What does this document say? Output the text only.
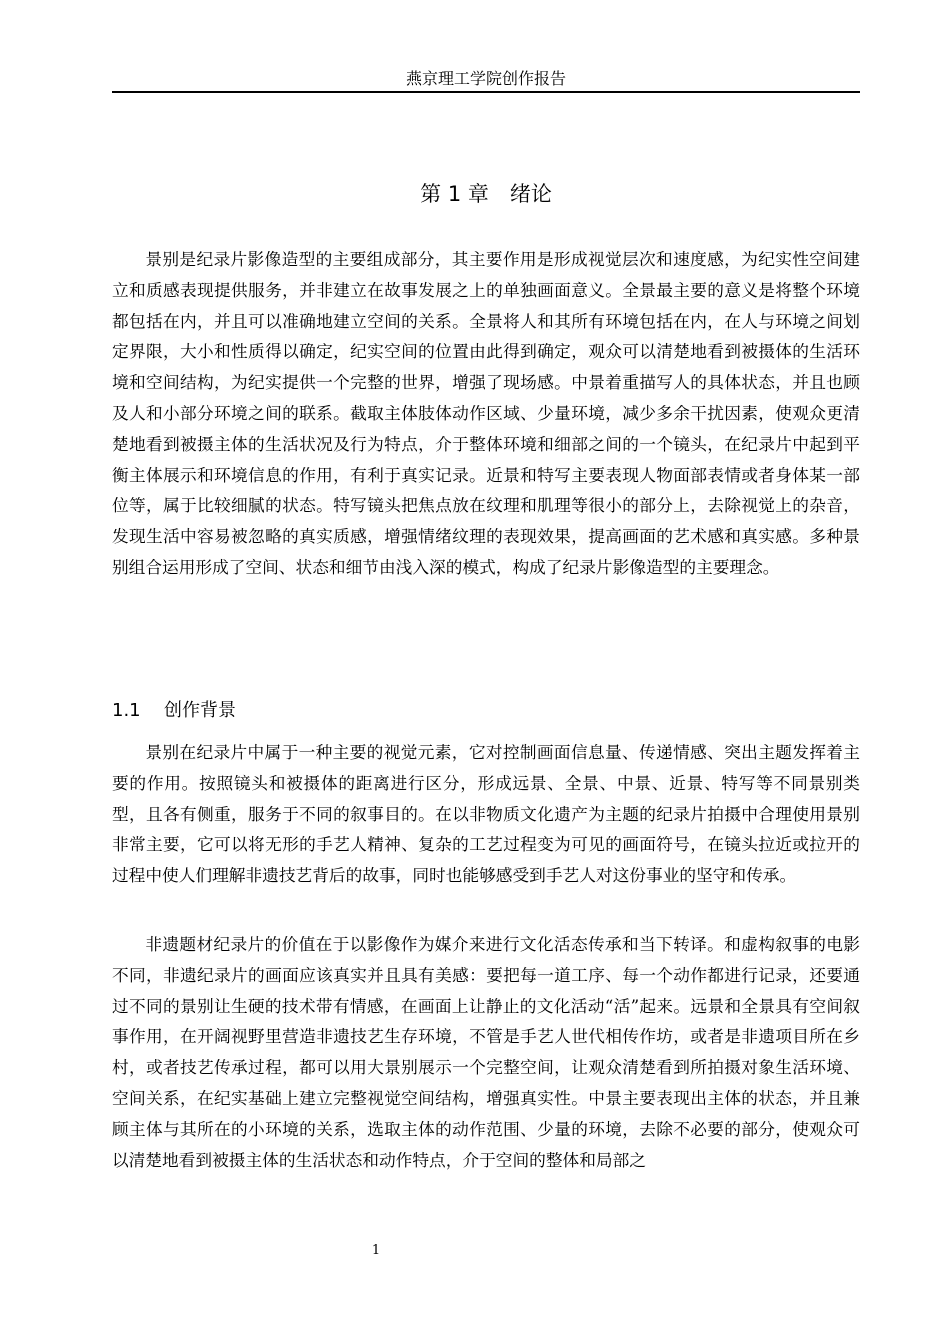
燕京理工学院创作报告
第 1 章　绪论

景别是纪录片影像造型的主要组成部分，其主要作用是形成视觉层次和速度感，为纪实性空间建立和质感表现提供服务，并非建立在故事发展之上的单独画面意义。全景最主要的意义是将整个环境都包括在内，并且可以准确地建立空间的关系。全景将人和其所有环境包括在内，在人与环境之间划定界限，大小和性质得以确定，纪实空间的位置由此得到确定，观众可以清楚地看到被摄体的生活环境和空间结构，为纪实提供一个完整的世界，增强了现场感。中景着重描写人的具体状态，并且也顾及人和小部分环境之间的联系。截取主体肢体动作区域、少量环境，减少多余干扰因素，使观众更清楚地看到被摄主体的生活状况及行为特点，介于整体环境和细部之间的一个镜头，在纪录片中起到平衡主体展示和环境信息的作用，有利于真实记录。近景和特写主要表现人物面部表情或者身体某一部位等，属于比较细腻的状态。特写镜头把焦点放在纹理和肌理等很小的部分上，去除视觉上的杂音，发现生活中容易被忽略的真实质感，增强情绪纹理的表现效果，提高画面的艺术感和真实感。多种景别组合运用形成了空间、状态和细节由浅入深的模式，构成了纪录片影像造型的主要理念。

1.1 创作背景

景别在纪录片中属于一种主要的视觉元素，它对控制画面信息量、传递情感、突出主题发挥着主要的作用。按照镜头和被摄体的距离进行区分，形成远景、全景、中景、近景、特写等不同景别类型，且各有侧重，服务于不同的叙事目的。在以非物质文化遗产为主题的纪录片拍摄中合理使用景别非常主要，它可以将无形的手艺人精神、复杂的工艺过程变为可见的画面符号，在镜头拉近或拉开的过程中使人们理解非遗技艺背后的故事，同时也能够感受到手艺人对这份事业的坚守和传承。

非遗题材纪录片的价值在于以影像作为媒介来进行文化活态传承和当下转译。和虚构叙事的电影不同，非遗纪录片的画面应该真实并且具有美感：要把每一道工序、每一个动作都进行记录，还要通过不同的景别让生硬的技术带有情感，在画面上让静止的文化活动“活”起来。远景和全景具有空间叙事作用，在开阔视野里营造非遗技艺生存环境，不管是手艺人世代相传作坊，或者是非遗项目所在乡村，或者技艺传承过程，都可以用大景别展示一个完整空间，让观众清楚看到所拍摄对象生活环境、空间关系，在纪实基础上建立完整视觉空间结构，增强真实性。中景主要表现出主体的状态，并且兼顾主体与其所在的小环境的关系，选取主体的动作范围、少量的环境，去除不必要的部分，使观众可以清楚地看到被摄主体的生活状态和动作特点，介于空间的整体和局部之

1
